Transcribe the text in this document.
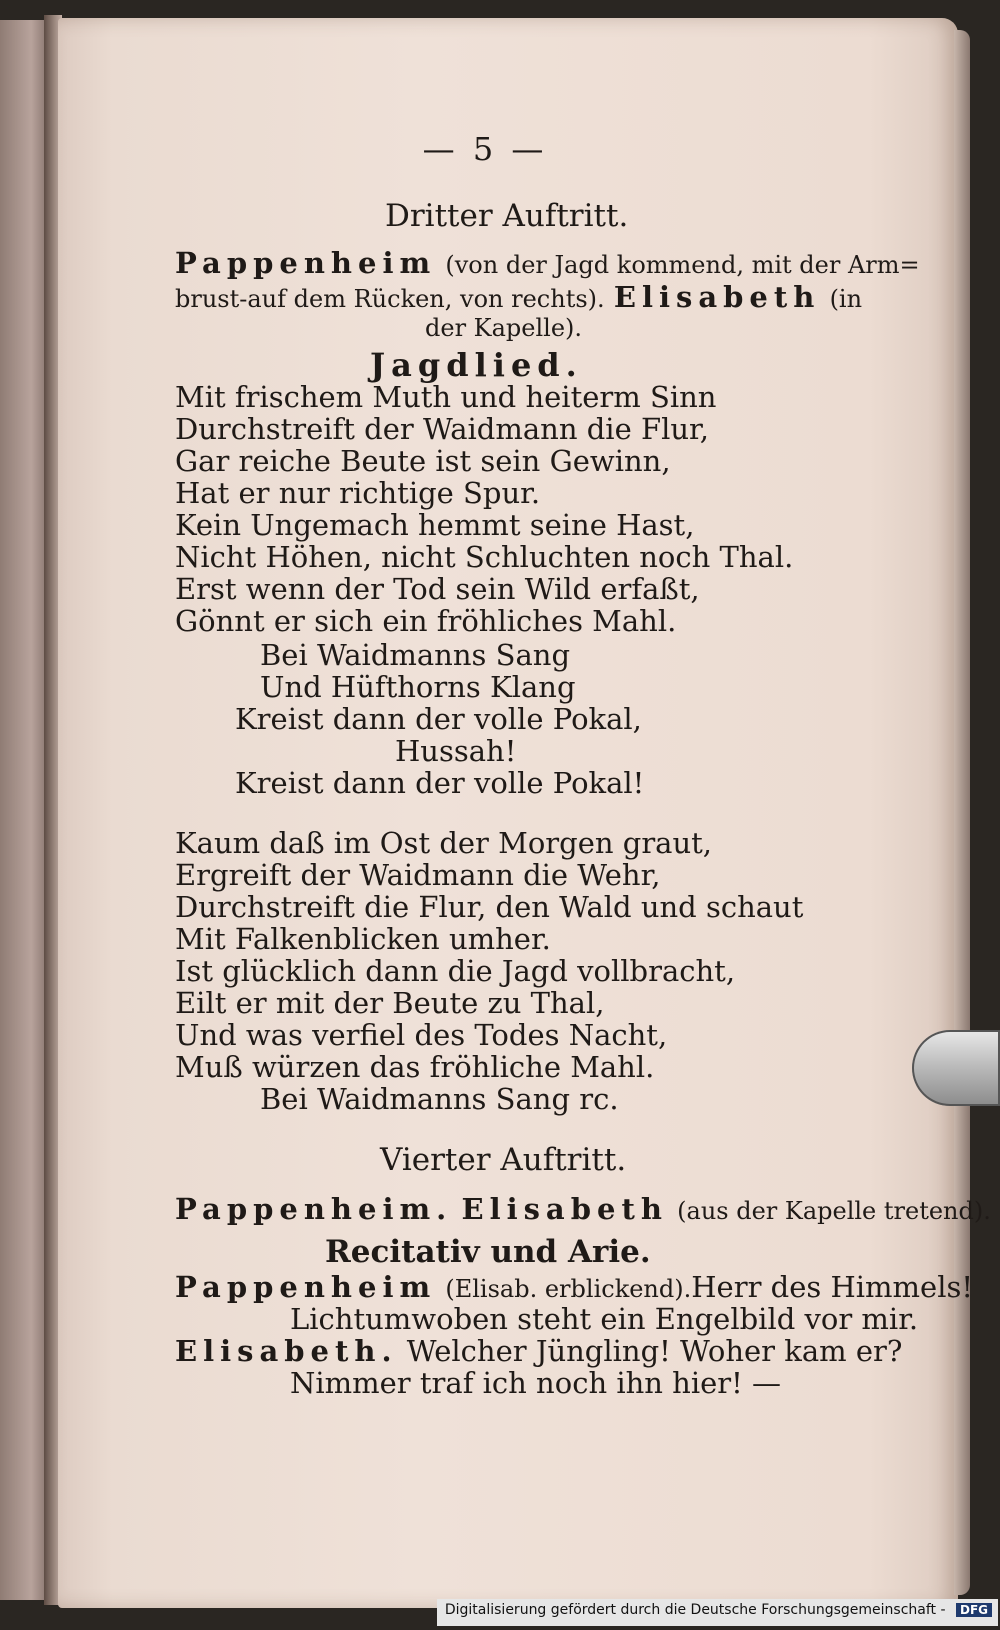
— 5 —
Dritter Auftritt.
Pappenheim (von der Jagd kommend, mit der Arm=
brust-auf dem Rücken, von rechts). Elisabeth (in
der Kapelle).
Jagdlied.
Mit frischem Muth und heiterm Sinn
Durchstreift der Waidmann die Flur,
Gar reiche Beute ist sein Gewinn,
Hat er nur richtige Spur.
Kein Ungemach hemmt seine Hast,
Nicht Höhen, nicht Schluchten noch Thal.
Erst wenn der Tod sein Wild erfaßt,
Gönnt er sich ein fröhliches Mahl.
Bei Waidmanns Sang
Und Hüfthorns Klang
Kreist dann der volle Pokal,
Hussah!
Kreist dann der volle Pokal!
Kaum daß im Ost der Morgen graut,
Ergreift der Waidmann die Wehr,
Durchstreift die Flur, den Wald und schaut
Mit Falkenblicken umher.
Ist glücklich dann die Jagd vollbracht,
Eilt er mit der Beute zu Thal,
Und was verfiel des Todes Nacht,
Muß würzen das fröhliche Mahl.
Bei Waidmanns Sang rc.
Vierter Auftritt.
Pappenheim. Elisabeth (aus der Kapelle tretend).
Recitativ und Arie.
Pappenheim (Elisab. erblickend).Herr des Himmels!
Lichtumwoben steht ein Engelbild vor mir.
Elisabeth. Welcher Jüngling! Woher kam er?
Nimmer traf ich noch ihn hier! —
Digitalisierung gefördert durch die Deutsche Forschungsgemeinschaft - DFG
